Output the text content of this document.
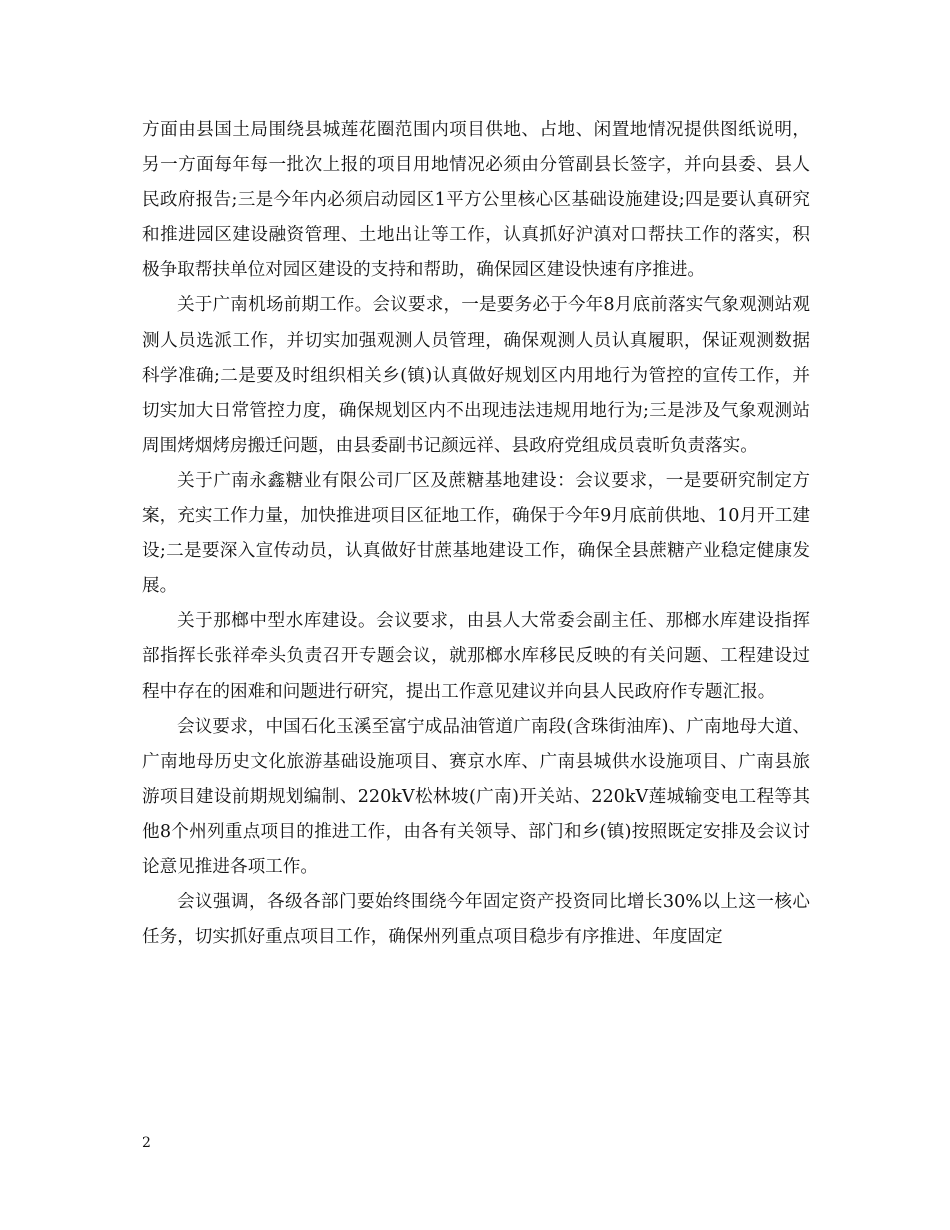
方面由县国土局围绕县城莲花圈范围内项目供地、占地、闲置地情况提供图纸说明，另一方面每年每一批次上报的项目用地情况必须由分管副县长签字，并向县委、县人民政府报告;三是今年内必须启动园区1平方公里核心区基础设施建设;四是要认真研究和推进园区建设融资管理、土地出让等工作，认真抓好沪滇对口帮扶工作的落实，积极争取帮扶单位对园区建设的支持和帮助，确保园区建设快速有序推进。

关于广南机场前期工作。会议要求，一是要务必于今年8月底前落实气象观测站观测人员选派工作，并切实加强观测人员管理，确保观测人员认真履职，保证观测数据科学准确;二是要及时组织相关乡(镇)认真做好规划区内用地行为管控的宣传工作，并切实加大日常管控力度，确保规划区内不出现违法违规用地行为;三是涉及气象观测站周围烤烟烤房搬迁问题，由县委副书记颜远祥、县政府党组成员袁昕负责落实。

关于广南永鑫糖业有限公司厂区及蔗糖基地建设：会议要求，一是要研究制定方案，充实工作力量，加快推进项目区征地工作，确保于今年9月底前供地、10月开工建设;二是要深入宣传动员，认真做好甘蔗基地建设工作，确保全县蔗糖产业稳定健康发展。

关于那榔中型水库建设。会议要求，由县人大常委会副主任、那榔水库建设指挥部指挥长张祥牵头负责召开专题会议，就那榔水库移民反映的有关问题、工程建设过程中存在的困难和问题进行研究，提出工作意见建议并向县人民政府作专题汇报。

会议要求，中国石化玉溪至富宁成品油管道广南段(含珠街油库)、广南地母大道、广南地母历史文化旅游基础设施项目、赛京水库、广南县城供水设施项目、广南县旅游项目建设前期规划编制、220kV松林坡(广南)开关站、220kV莲城输变电工程等其他8个州列重点项目的推进工作，由各有关领导、部门和乡(镇)按照既定安排及会议讨论意见推进各项工作。

会议强调，各级各部门要始终围绕今年固定资产投资同比增长30%以上这一核心任务，切实抓好重点项目工作，确保州列重点项目稳步有序推进、年度固定

2
